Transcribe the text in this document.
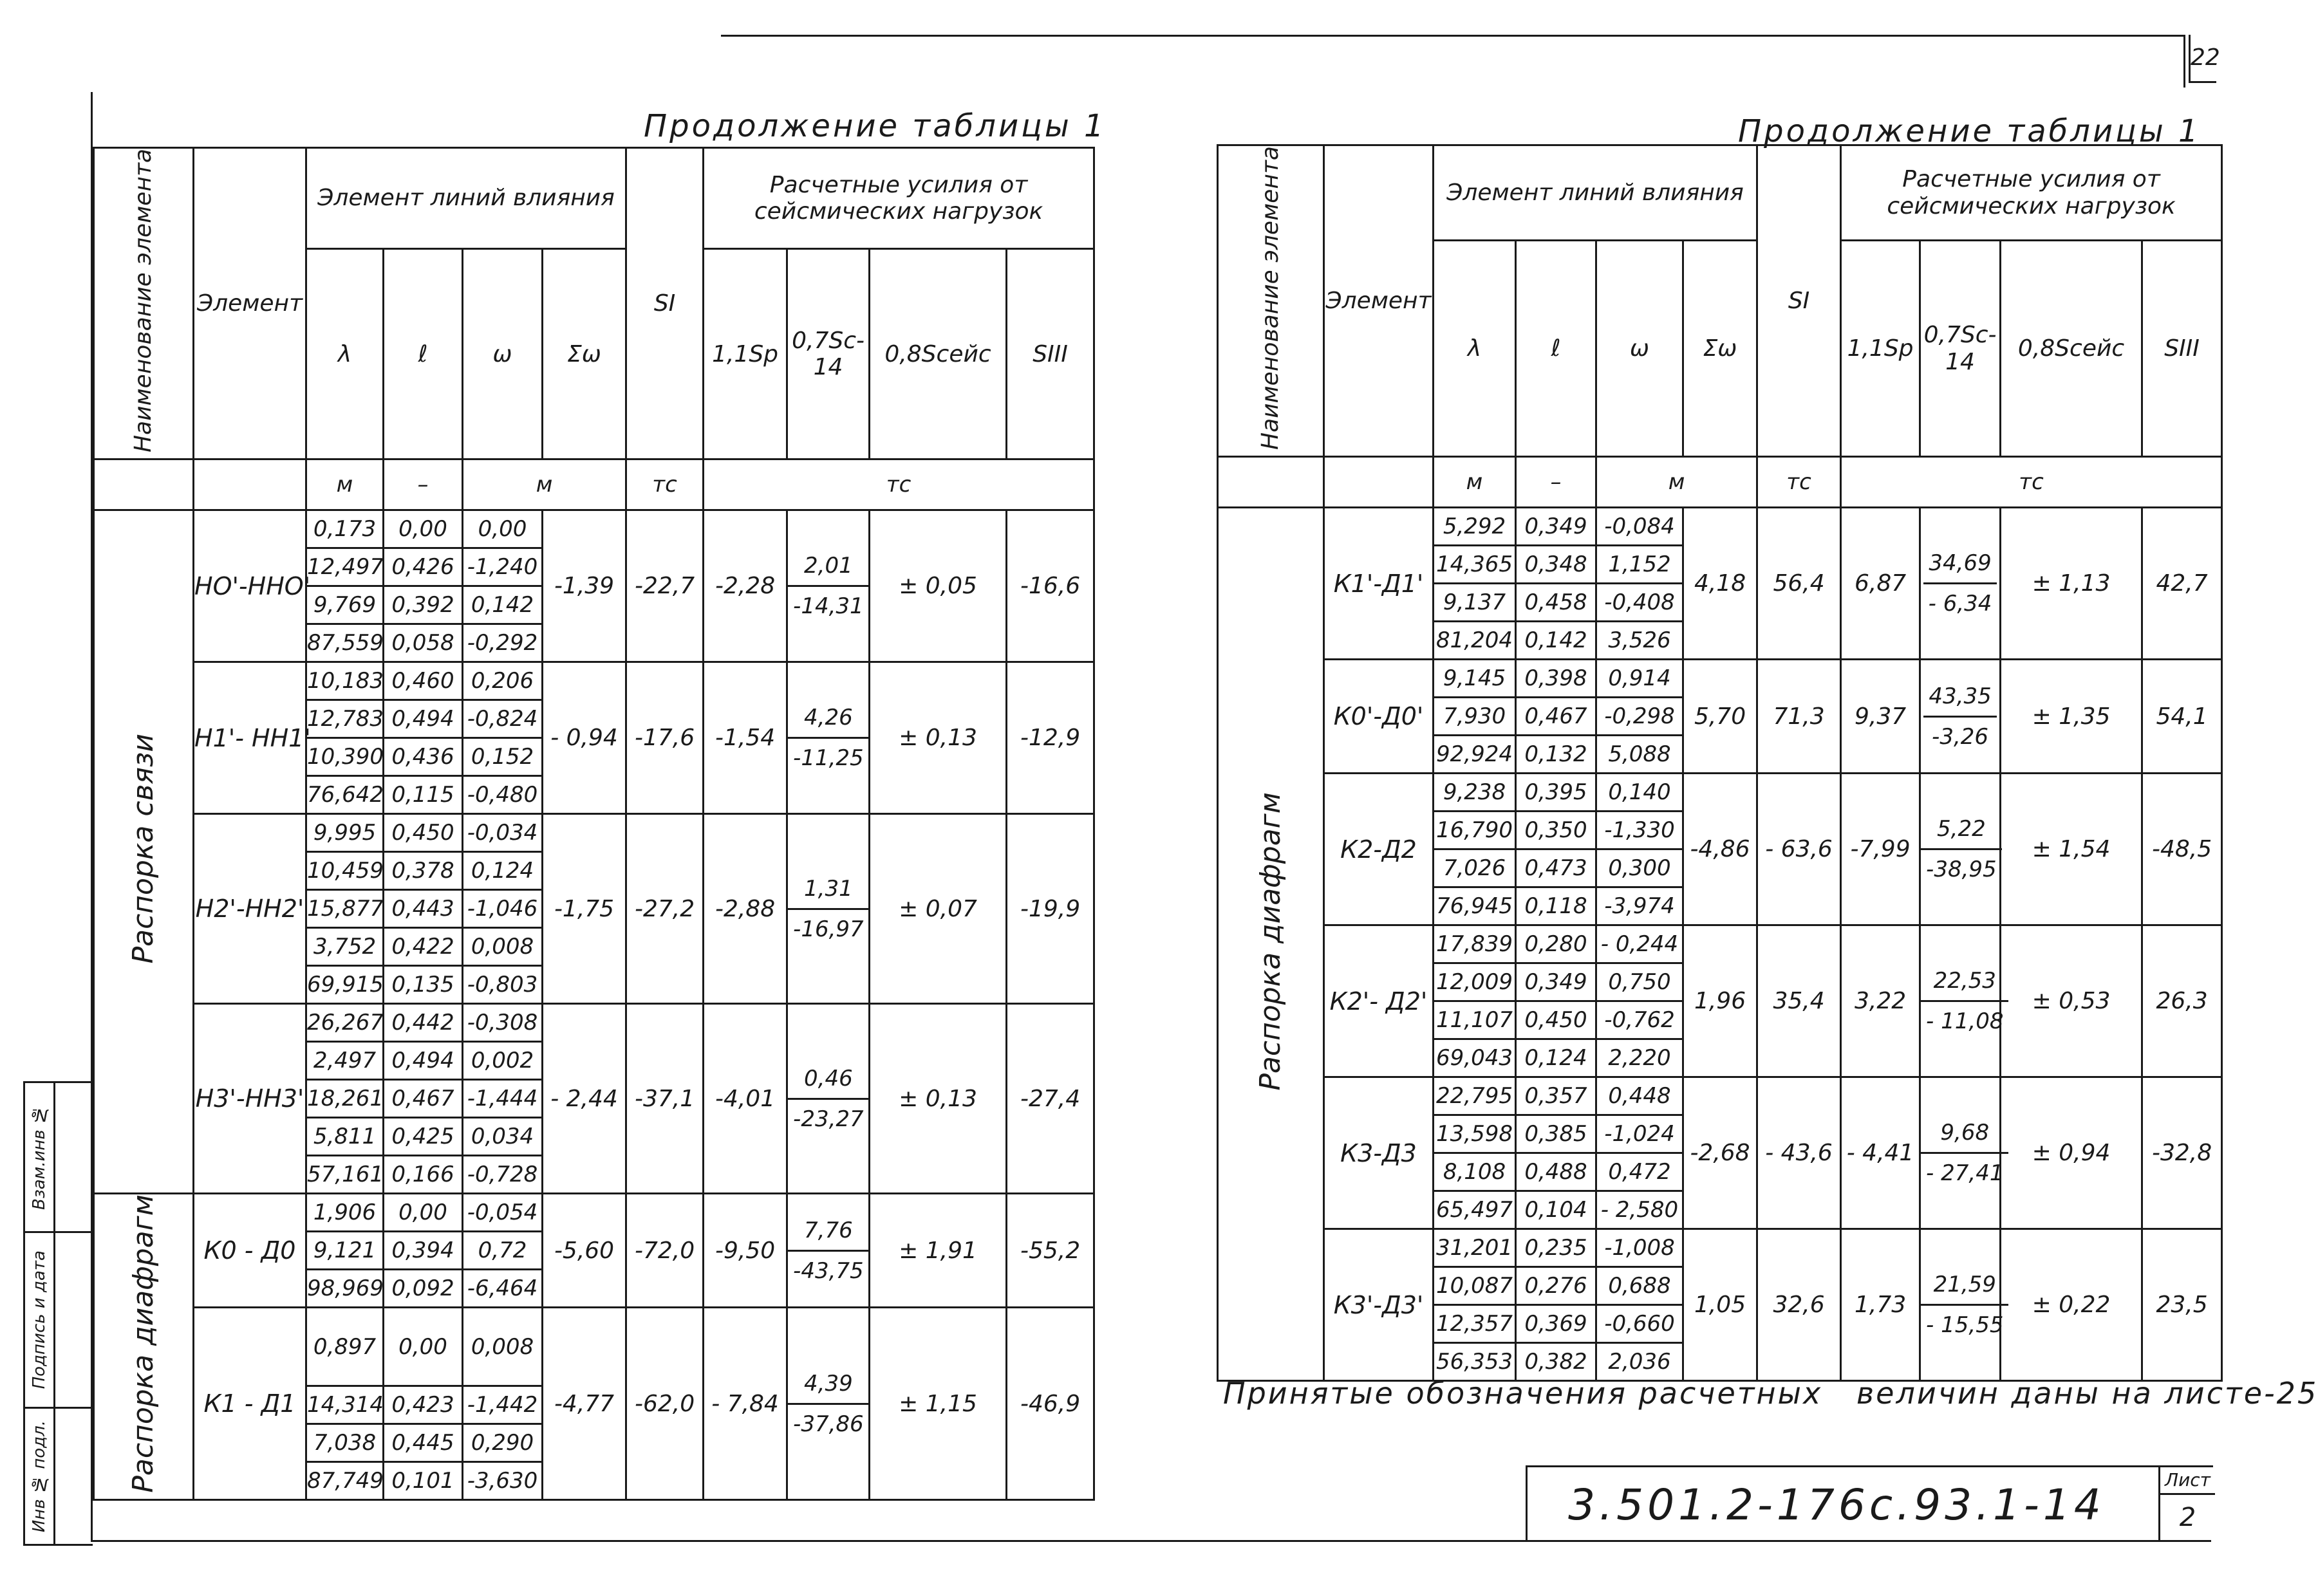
22
Инв № подл.
Подпись и дата
Взам.инв №
Продолжение таблицы 1
Наименование элемента	Элемент	Элемент линий влияния				SI	Расчетные усилия от сейсмических нагрузок			
		λ	ℓ	ω	Σω		1,1Sp	0,7Sc-14	0,8Sсейс	SIII
		м	–	м		тс	тс			
Распорка связи	НО'-ННО'	0,173	0,00	0,00	-1,39	-22,7	-2,28	$\frac{2,01}{-14,31}$	± 0,05	-16,6
		12,497	0,426	-1,240						
		9,769	0,392	0,142						
		87,559	0,058	-0,292						
	Н1'- НН1'	10,183	0,460	0,206	- 0,94	-17,6	-1,54	$\frac{4,26}{-11,25}$	± 0,13	-12,9
		12,783	0,494	-0,824						
		10,390	0,436	0,152						
		76,642	0,115	-0,480						
	Н2'-НН2'	9,995	0,450	-0,034	-1,75	-27,2	-2,88	$\frac{1,31}{-16,97}$	± 0,07	-19,9
		10,459	0,378	0,124						
		15,877	0,443	-1,046						
		3,752	0,422	0,008						
		69,915	0,135	-0,803						
	Н3'-НН3'	26,267	0,442	-0,308	- 2,44	-37,1	-4,01	$\frac{0,46}{-23,27}$	± 0,13	-27,4
		2,497	0,494	0,002						
		18,261	0,467	-1,444						
		5,811	0,425	0,034						
		57,161	0,166	-0,728						
Распорка диафрагм	К0 - Д0	1,906	0,00	-0,054	-5,60	-72,0	-9,50	$\frac{7,76}{-43,75}$	± 1,91	-55,2
		9,121	0,394	0,72						
		98,969	0,092	-6,464						
	К1 - Д1	0,897	0,00	0,008	-4,77	-62,0	- 7,84	$\frac{4,39}{-37,86}$	± 1,15	-46,9
		14,314	0,423	-1,442						
		7,038	0,445	0,290						
		87,749	0,101	-3,630						
Продолжение таблицы 1
Наименование элемента	Элемент	Элемент линий влияния				SI	Расчетные усилия от сейсмических нагрузок			
		λ	ℓ	ω	Σω		1,1Sp	0,7Sc-14	0,8Sсейс	SIII
		м	–	м		тс	тс			
Распорка диафрагм	К1'-Д1'	5,292	0,349	-0,084	4,18	56,4	6,87	$\frac{34,69}{- 6,34}$	± 1,13	42,7
		14,365	0,348	1,152						
		9,137	0,458	-0,408						
		81,204	0,142	3,526						
	К0'-Д0'	9,145	0,398	0,914	5,70	71,3	9,37	$\frac{43,35}{-3,26}$	± 1,35	54,1
		7,930	0,467	-0,298						
		92,924	0,132	5,088						
	К2-Д2	9,238	0,395	0,140	-4,86	- 63,6	-7,99	$\frac{5,22}{-38,95}$	± 1,54	-48,5
		16,790	0,350	-1,330						
		7,026	0,473	0,300						
		76,945	0,118	-3,974						
	К2'- Д2'	17,839	0,280	- 0,244	1,96	35,4	3,22	$\frac{22,53}{- 11,08}$	± 0,53	26,3
		12,009	0,349	0,750						
		11,107	0,450	-0,762						
		69,043	0,124	2,220						
	К3-Д3	22,795	0,357	0,448	-2,68	- 43,6	- 4,41	$\frac{9,68}{- 27,41}$	± 0,94	-32,8
		13,598	0,385	-1,024						
		8,108	0,488	0,472						
		65,497	0,104	- 2,580						
	К3'-Д3'	31,201	0,235	-1,008	1,05	32,6	1,73	$\frac{21,59}{- 15,55}$	± 0,22	23,5
		10,087	0,276	0,688						
		12,357	0,369	-0,660						
		56,353	0,382	2,036						
Принятые обозначения расчетных   величин даны на листе-25
3.501.2-176c.93.1-14
Лист
2
